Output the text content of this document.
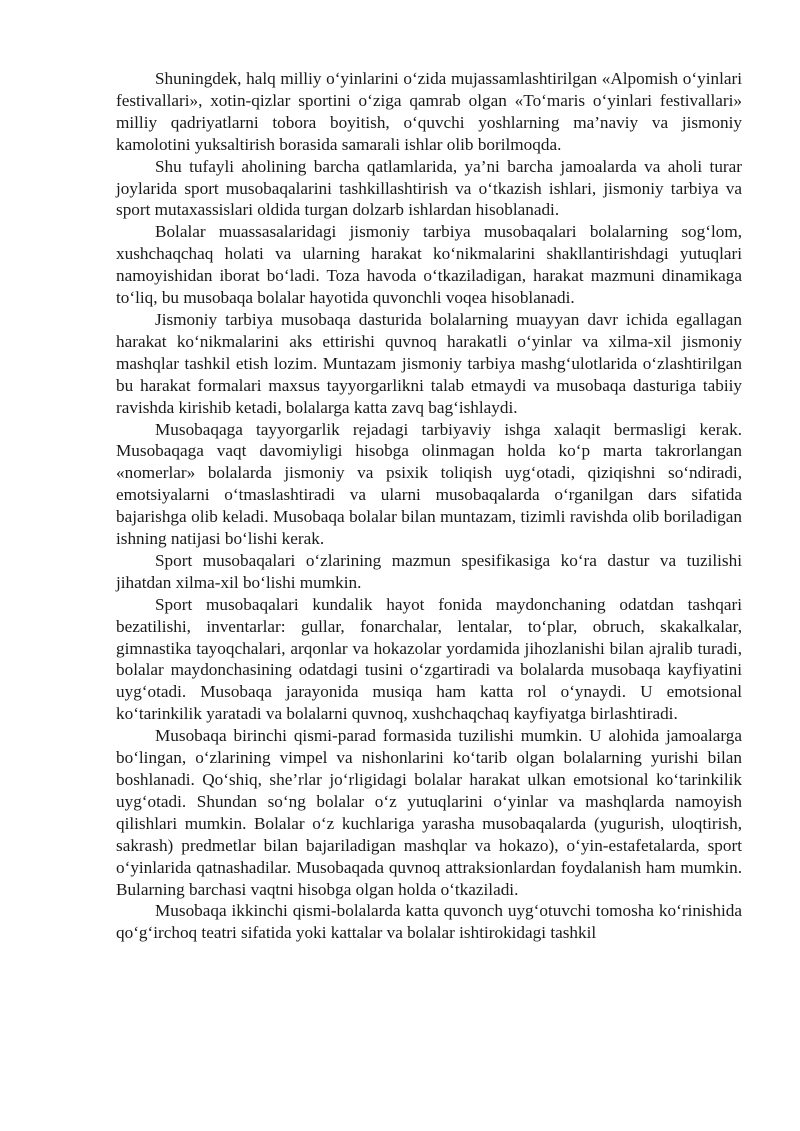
Shuningdek, halq milliy o‘yinlarini o‘zida mujassamlashtirilgan «Alpomish o‘yinlari festivallari», xotin-qizlar sportini o‘ziga qamrab olgan «To‘maris o‘yinlari festivallari» milliy qadriyatlarni tobora boyitish, o‘quvchi yoshlarning ma’naviy va jismoniy kamolotini yuksaltirish borasida samarali ishlar olib borilmoqda.

Shu tufayli aholining barcha qatlamlarida, ya’ni barcha jamoalarda va aholi turar joylarida sport musobaqalarini tashkillashtirish va o‘tkazish ishlari, jismoniy tarbiya va sport mutaxassislari oldida turgan dolzarb ishlardan hisoblanadi.

Bolalar muassasalaridagi jismoniy tarbiya musobaqalari bolalarning sog‘lom, xushchaqchaq holati va ularning harakat ko‘nikmalarini shakllantirishdagi yutuqlari namoyishidan iborat bo‘ladi. Toza havoda o‘tkaziladigan, harakat mazmuni dinamikaga to‘liq, bu musobaqa bolalar hayotida quvonchli voqea hisoblanadi.

Jismoniy tarbiya musobaqa dasturida bolalarning muayyan davr ichida egallagan harakat ko‘nikmalarini aks ettirishi quvnoq harakatli o‘yinlar va xilma-xil jismoniy mashqlar tashkil etish lozim. Muntazam jismoniy tarbiya mashg‘ulotlarida o‘zlashtirilgan bu harakat formalari maxsus tayyorgarlikni talab etmaydi va musobaqa dasturiga tabiiy ravishda kirishib ketadi, bolalarga katta zavq bag‘ishlaydi.

Musobaqaga tayyorgarlik rejadagi tarbiyaviy ishga xalaqit bermasligi kerak. Musobaqaga vaqt davomiyligi hisobga olinmagan holda ko‘p marta takrorlangan «nomerlar» bolalarda jismoniy va psixik toliqish uyg‘otadi, qiziqishni so‘ndiradi, emotsiyalarni o‘tmaslashtiradi va ularni musobaqalarda o‘rganilgan dars sifatida bajarishga olib keladi. Musobaqa bolalar bilan muntazam, tizimli ravishda olib boriladigan ishning natijasi bo‘lishi kerak.

Sport musobaqalari o‘zlarining mazmun spesifikasiga ko‘ra dastur va tuzilishi jihatdan xilma-xil bo‘lishi mumkin.

Sport musobaqalari kundalik hayot fonida maydonchaning odatdan tashqari bezatilishi, inventarlar: gullar, fonarchalar, lentalar, to‘plar, obruch, skakalkalar, gimnastika tayoqchalari, arqonlar va hokazolar yordamida jihozlanishi bilan ajralib turadi, bolalar maydonchasining odatdagi tusini o‘zgartiradi va bolalarda musobaqa kayfiyatini uyg‘otadi. Musobaqa jarayonida musiqa ham katta rol o‘ynaydi. U emotsional ko‘tarinkilik yaratadi va bolalarni quvnoq, xushchaqchaq kayfiyatga birlashtiradi.

Musobaqa birinchi qismi-parad formasida tuzilishi mumkin. U alohida jamoalarga bo‘lingan, o‘zlarining vimpel va nishonlarini ko‘tarib olgan bolalarning yurishi bilan boshlanadi. Qo‘shiq, she’rlar jo‘rligidagi bolalar harakat ulkan emotsional ko‘tarinkilik uyg‘otadi. Shundan so‘ng bolalar o‘z yutuqlarini o‘yinlar va mashqlarda namoyish qilishlari mumkin. Bolalar o‘z kuchlariga yarasha musobaqalarda (yugurish, uloqtirish, sakrash) predmetlar bilan bajariladigan mashqlar va hokazo), o‘yin-estafetalarda, sport o‘yinlarida qatnashadilar. Musobaqada quvnoq attraksionlardan foydalanish ham mumkin. Bularning barchasi vaqtni hisobga olgan holda o‘tkaziladi.

Musobaqa ikkinchi qismi-bolalarda katta quvonch uyg‘otuvchi tomosha ko‘rinishida qo‘g‘irchoq teatri sifatida yoki kattalar va bolalar ishtirokidagi tashkil
